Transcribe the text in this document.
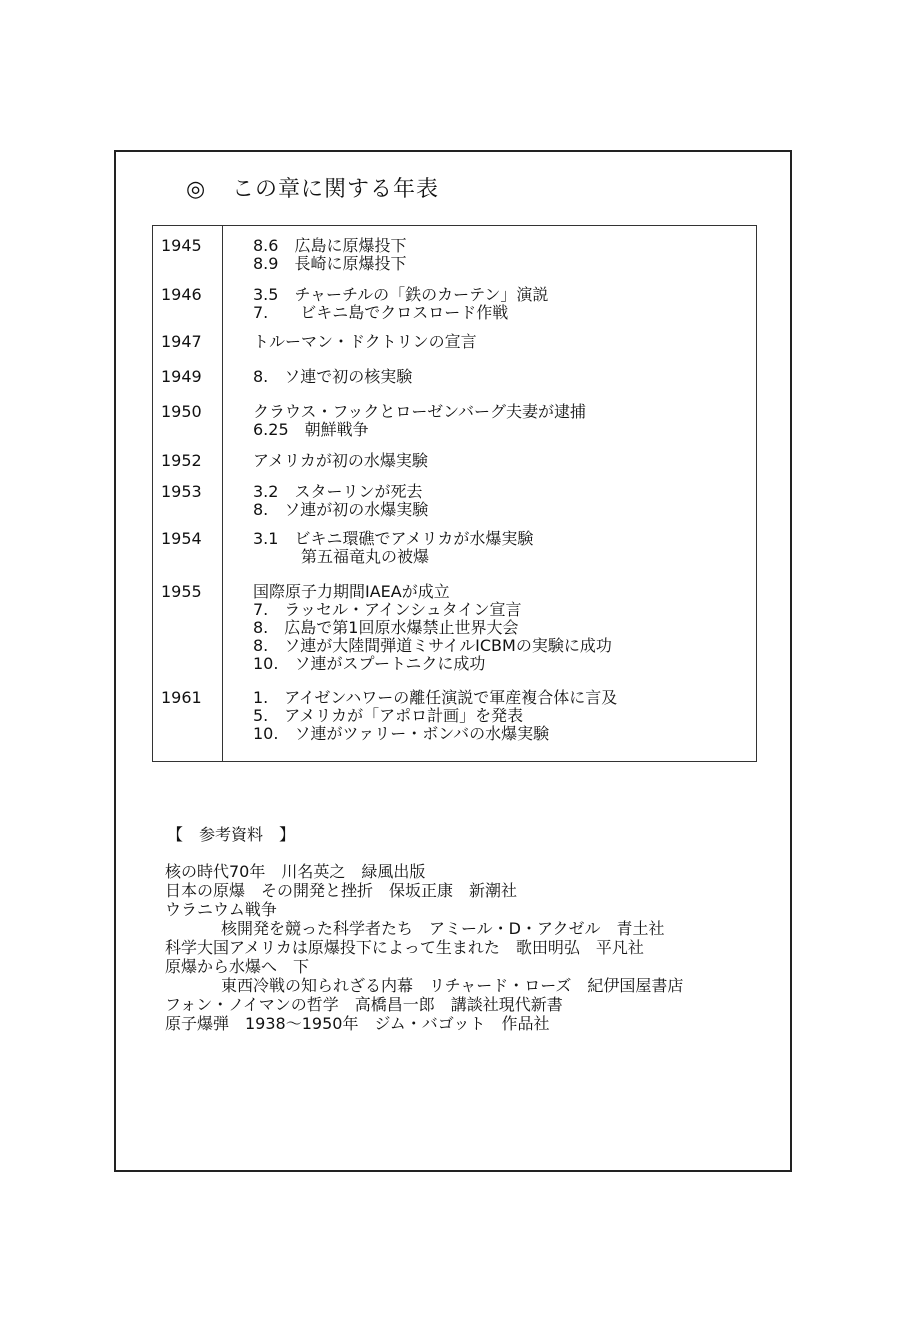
◎ この章に関する年表
1945	8.6　広島に原爆投下
8.9　長崎に原爆投下
1946	3.5　チャーチルの「鉄のカーテン」演説
7.　　ビキニ島でクロスロード作戦
1947	トルーマン・ドクトリンの宣言
1949	8.　ソ連で初の核実験
1950	クラウス・フックとローゼンバーグ夫妻が逮捕
6.25　朝鮮戦争
1952	アメリカが初の水爆実験
1953	3.2　スターリンが死去
8.　ソ連が初の水爆実験
1954	3.1　ビキニ環礁でアメリカが水爆実験
　　　第五福竜丸の被爆
1955	国際原子力期間IAEAが成立
7.　ラッセル・アインシュタイン宣言
8.　広島で第1回原水爆禁止世界大会
8.　ソ連が大陸間弾道ミサイルICBMの実験に成功
10.　ソ連がスプートニクに成功
1961	1.　アイゼンハワーの離任演説で軍産複合体に言及
5.　アメリカが「アポロ計画」を発表
10.　ソ連がツァリー・ボンバの水爆実験
【　参考資料　】
核の時代70年　川名英之　緑風出版
日本の原爆　その開発と挫折　保坂正康　新潮社
ウラニウム戦争
核開発を競った科学者たち　アミール・D・アクゼル　青土社
科学大国アメリカは原爆投下によって生まれた　歌田明弘　平凡社
原爆から水爆へ　下
東西冷戦の知られざる内幕　リチャード・ローズ　紀伊国屋書店
フォン・ノイマンの哲学　高橋昌一郎　講談社現代新書
原子爆弾　1938～1950年　ジム・バゴット　作品社
